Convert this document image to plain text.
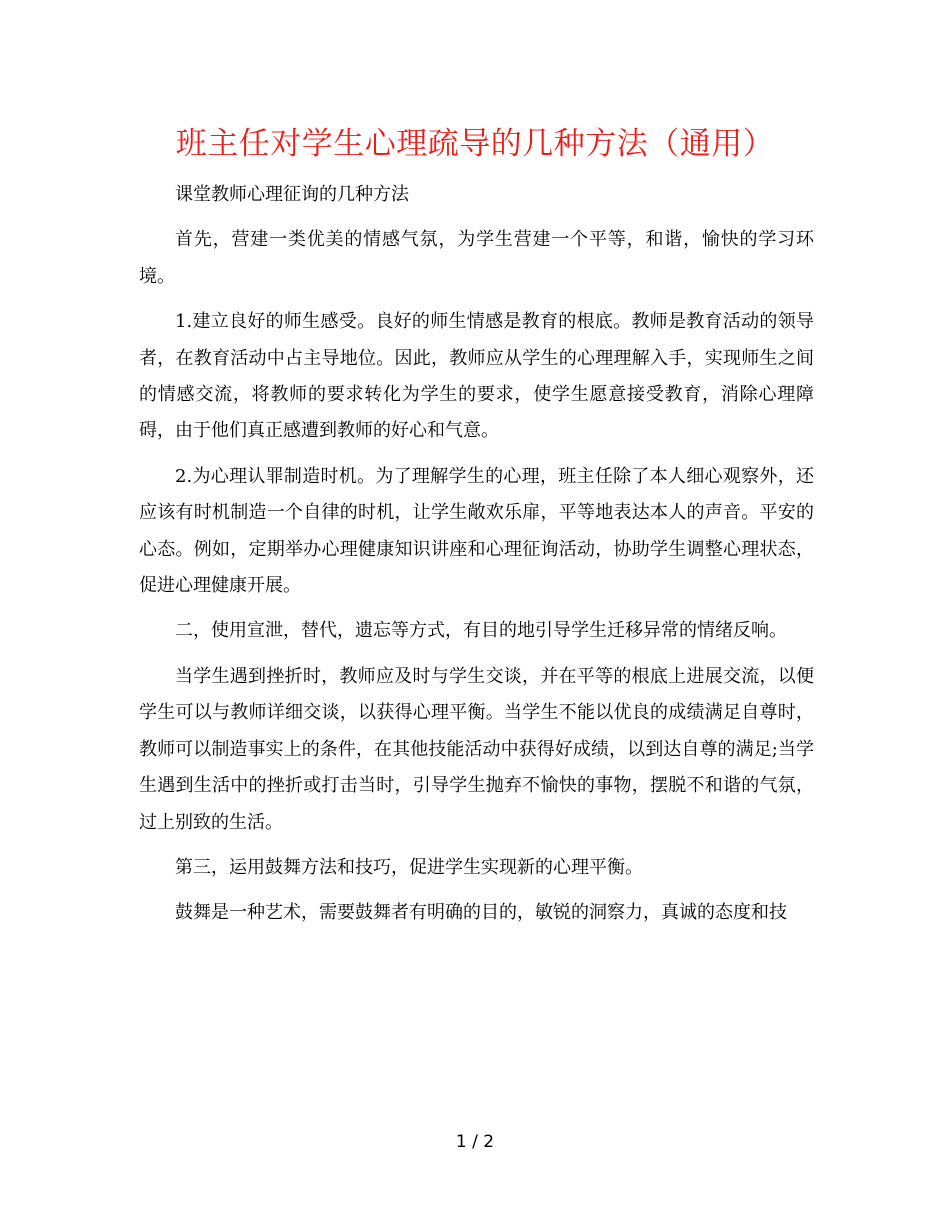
班主任对学生心理疏导的几种方法（通用）

课堂教师心理征询的几种方法

首先，营建一类优美的情感气氛，为学生营建一个平等，和谐，愉快的学习环境。

1.建立良好的师生感受。良好的师生情感是教育的根底。教师是教育活动的领导者，在教育活动中占主导地位。因此，教师应从学生的心理理解入手，实现师生之间的情感交流，将教师的要求转化为学生的要求，使学生愿意接受教育，消除心理障碍，由于他们真正感遭到教师的好心和气意。

2.为心理认罪制造时机。为了理解学生的心理，班主任除了本人细心观察外，还应该有时机制造一个自律的时机，让学生敞欢乐扉，平等地表达本人的声音。平安的心态。例如，定期举办心理健康知识讲座和心理征询活动，协助学生调整心理状态，促进心理健康开展。

二，使用宣泄，替代，遗忘等方式，有目的地引导学生迁移异常的情绪反响。

当学生遇到挫折时，教师应及时与学生交谈，并在平等的根底上进展交流，以便学生可以与教师详细交谈，以获得心理平衡。当学生不能以优良的成绩满足自尊时，教师可以制造事实上的条件，在其他技能活动中获得好成绩，以到达自尊的满足;当学生遇到生活中的挫折或打击当时，引导学生抛弃不愉快的事物，摆脱不和谐的气氛，过上别致的生活。

第三，运用鼓舞方法和技巧，促进学生实现新的心理平衡。

鼓舞是一种艺术，需要鼓舞者有明确的目的，敏锐的洞察力，真诚的态度和技

1 / 2
